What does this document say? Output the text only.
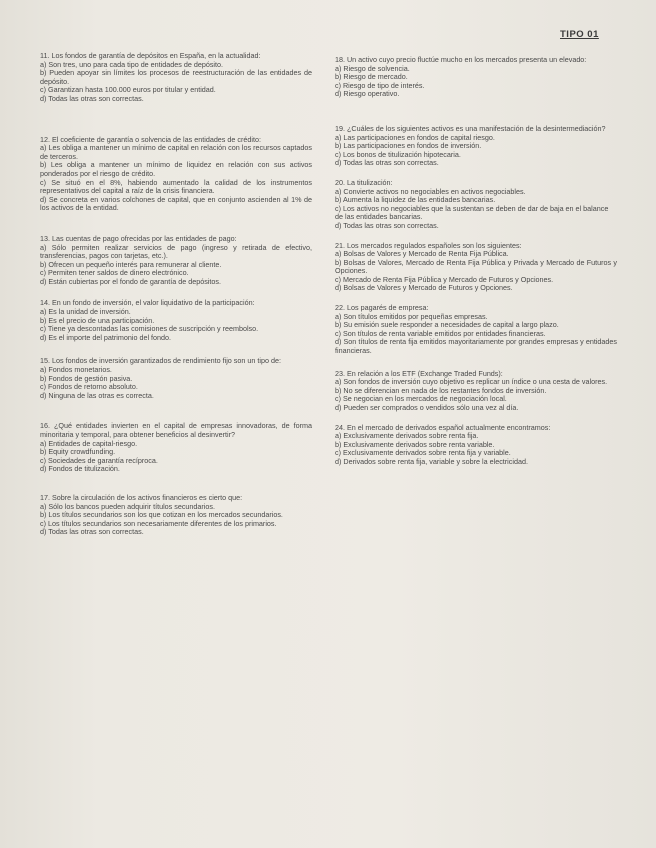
TIPO 01

11. Los fondos de garantía de depósitos en España, en la actualidad:

a) Son tres, uno para cada tipo de entidades de depósito.

b) Pueden apoyar sin límites los procesos de reestructuración de las entidades de depósito.

c) Garantizan hasta 100.000 euros por titular y entidad.

d) Todas las otras son correctas.

12. El coeficiente de garantía o solvencia de las entidades de crédito:

a) Les obliga a mantener un mínimo de capital en relación con los recursos captados de terceros.

b) Les obliga a mantener un mínimo de liquidez en relación con sus activos ponderados por el riesgo de crédito.

c) Se situó en el 8%, habiendo aumentado la calidad de los instrumentos representativos del capital a raíz de la crisis financiera.

d) Se concreta en varios colchones de capital, que en conjunto ascienden al 1% de los activos de la entidad.

13. Las cuentas de pago ofrecidas por las entidades de pago:

a) Sólo permiten realizar servicios de pago (ingreso y retirada de efectivo, transferencias, pagos con tarjetas, etc.).

b) Ofrecen un pequeño interés para remunerar al cliente.

c) Permiten tener saldos de dinero electrónico.

d) Están cubiertas por el fondo de garantía de depósitos.

14. En un fondo de inversión, el valor liquidativo de la participación:

a) Es la unidad de inversión.

b) Es el precio de una participación.

c) Tiene ya descontadas las comisiones de suscripción y reembolso.

d) Es el importe del patrimonio del fondo.

15. Los fondos de inversión garantizados de rendimiento fijo son un tipo de:

a) Fondos monetarios.

b) Fondos de gestión pasiva.

c) Fondos de retorno absoluto.

d) Ninguna de las otras es correcta.

16. ¿Qué entidades invierten en el capital de empresas innovadoras, de forma minoritaria y temporal, para obtener beneficios al desinvertir?

a) Entidades de capital-riesgo.

b) Equity crowdfunding.

c) Sociedades de garantía recíproca.

d) Fondos de titulización.

17. Sobre la circulación de los activos financieros es cierto que:

a) Sólo los bancos pueden adquirir títulos secundarios.

b) Los títulos secundarios son los que cotizan en los mercados secundarios.

c) Los títulos secundarios son necesariamente diferentes de los primarios.

d) Todas las otras son correctas.

18. Un activo cuyo precio fluctúe mucho en los mercados presenta un elevado:

a) Riesgo de solvencia.

b) Riesgo de mercado.

c) Riesgo de tipo de interés.

d) Riesgo operativo.

19. ¿Cuáles de los siguientes activos es una manifestación de la desintermediación?

a) Las participaciones en fondos de capital riesgo.

b) Las participaciones en fondos de inversión.

c) Los bonos de titulización hipotecaria.

d) Todas las otras son correctas.

20. La titulización:

a) Convierte activos no negociables en activos negociables.

b) Aumenta la liquidez de las entidades bancarias.

c) Los activos no negociables que la sustentan se deben de dar de baja en el balance de las entidades bancarias.

d) Todas las otras son correctas.

21. Los mercados regulados españoles son los siguientes:

a) Bolsas de Valores y Mercado de Renta Fija Pública.

b) Bolsas de Valores, Mercado de Renta Fija Pública y Privada y Mercado de Futuros y Opciones.

c) Mercado de Renta Fija Pública y Mercado de Futuros y Opciones.

d) Bolsas de Valores y Mercado de Futuros y Opciones.

22. Los pagarés de empresa:

a) Son títulos emitidos por pequeñas empresas.

b) Su emisión suele responder a necesidades de capital a largo plazo.

c) Son títulos de renta variable emitidos por entidades financieras.

d) Son títulos de renta fija emitidos mayoritariamente por grandes empresas y entidades financieras.

23. En relación a los ETF (Exchange Traded Funds):

a) Son fondos de inversión cuyo objetivo es replicar un índice o una cesta de valores.

b) No se diferencian en nada de los restantes fondos de inversión.

c) Se negocian en los mercados de negociación local.

d) Pueden ser comprados o vendidos sólo una vez al día.

24. En el mercado de derivados español actualmente encontramos:

a) Exclusivamente derivados sobre renta fija.

b) Exclusivamente derivados sobre renta variable.

c) Exclusivamente derivados sobre renta fija y variable.

d) Derivados sobre renta fija, variable y sobre la electricidad.
